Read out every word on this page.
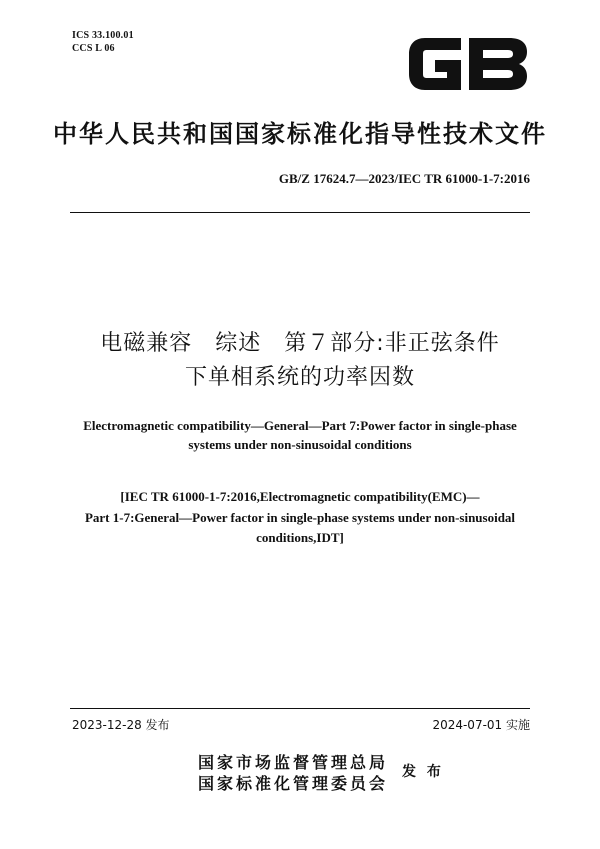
ICS 33.100.01
CCS L 06
中华人民共和国国家标准化指导性技术文件
GB/Z 17624.7—2023/IEC TR 61000-1-7:2016
电磁兼容　综述　第７部分:非正弦条件
下单相系统的功率因数
Electromagnetic compatibility—General—Part 7:Power factor in single-phase
systems under non-sinusoidal conditions
[IEC TR 61000-1-7:2016,Electromagnetic compatibility(EMC)—
Part 1-7:General—Power factor in single-phase systems under non-sinusoidal
conditions,IDT]
2023-12-28 发布	2024-07-01 实施
国家市场监督管理总局
国家标准化管理委员会
发 布
